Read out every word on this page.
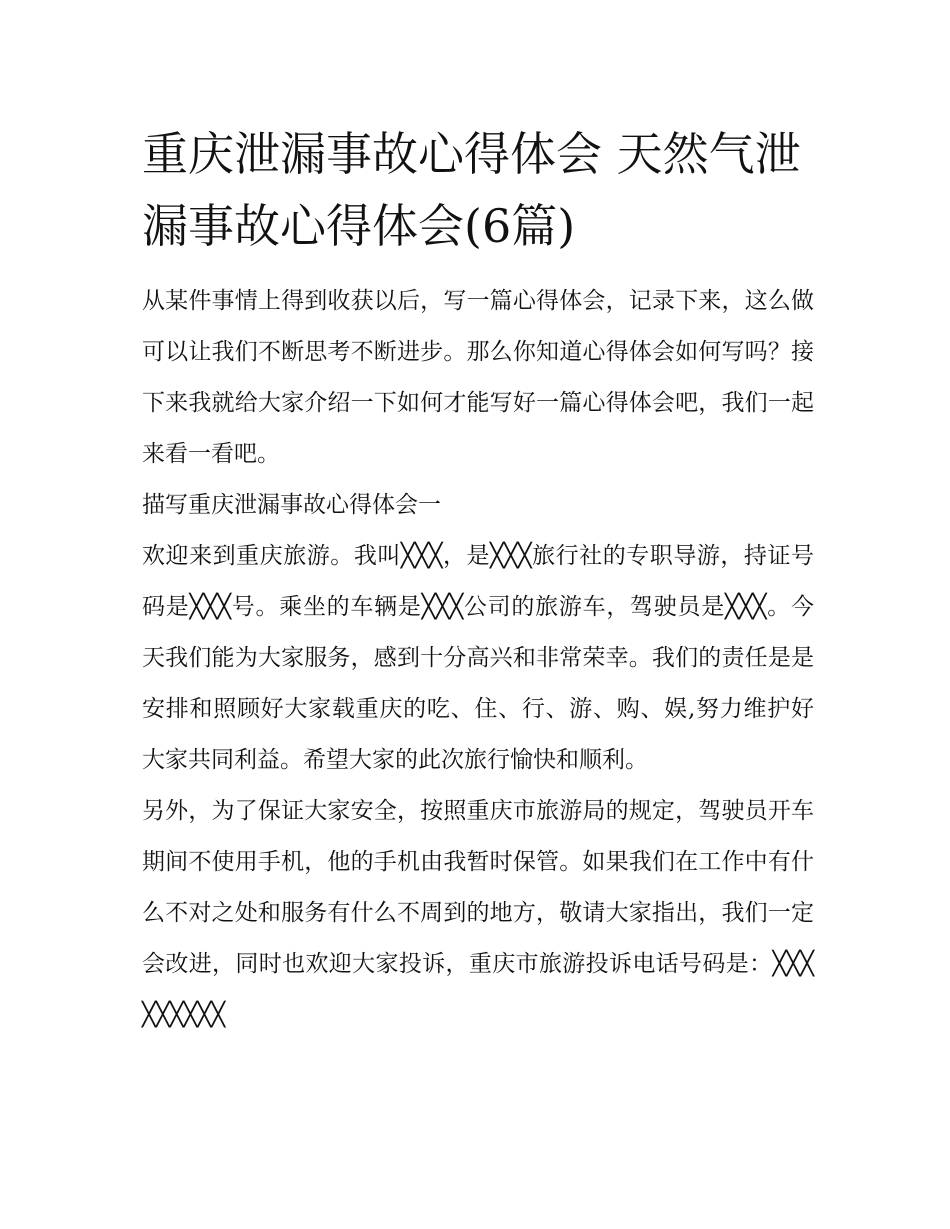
重庆泄漏事故心得体会 天然气泄漏事故心得体会(6篇)

从某件事情上得到收获以后，写一篇心得体会，记录下来，这么做可以让我们不断思考不断进步。那么你知道心得体会如何写吗？接下来我就给大家介绍一下如何才能写好一篇心得体会吧，我们一起来看一看吧。

描写重庆泄漏事故心得体会一

欢迎来到重庆旅游。我叫╳╳╳，是╳╳╳旅行社的专职导游，持证号码是╳╳╳号。乘坐的车辆是╳╳╳公司的旅游车，驾驶员是╳╳╳。今天我们能为大家服务，感到十分高兴和非常荣幸。我们的责任是是安排和照顾好大家载重庆的吃、住、行、游、购、娱,努力维护好大家共同利益。希望大家的此次旅行愉快和顺利。

另外，为了保证大家安全，按照重庆市旅游局的规定，驾驶员开车期间不使用手机，他的手机由我暂时保管。如果我们在工作中有什么不对之处和服务有什么不周到的地方，敬请大家指出，我们一定会改进，同时也欢迎大家投诉，重庆市旅游投诉电话号码是：╳╳╳╳╳╳╳╳╳
